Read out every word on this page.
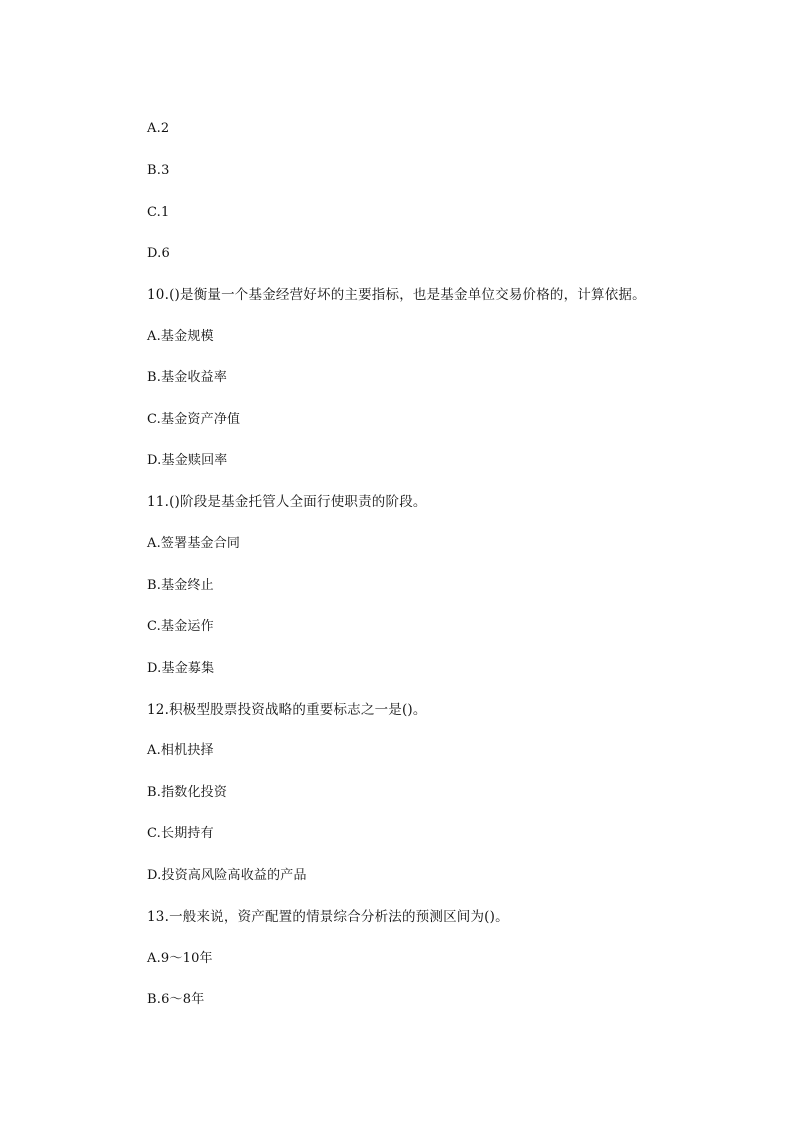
A.2
B.3
C.1
D.6
10.()是衡量一个基金经营好坏的主要指标，也是基金单位交易价格的，计算依据。
A.基金规模
B.基金收益率
C.基金资产净值
D.基金赎回率
11.()阶段是基金托管人全面行使职责的阶段。
A.签署基金合同
B.基金终止
C.基金运作
D.基金募集
12.积极型股票投资战略的重要标志之一是()。
A.相机抉择
B.指数化投资
C.长期持有
D.投资高风险高收益的产品
13.一般来说，资产配置的情景综合分析法的预测区间为()。
A.9～10年
B.6～8年
